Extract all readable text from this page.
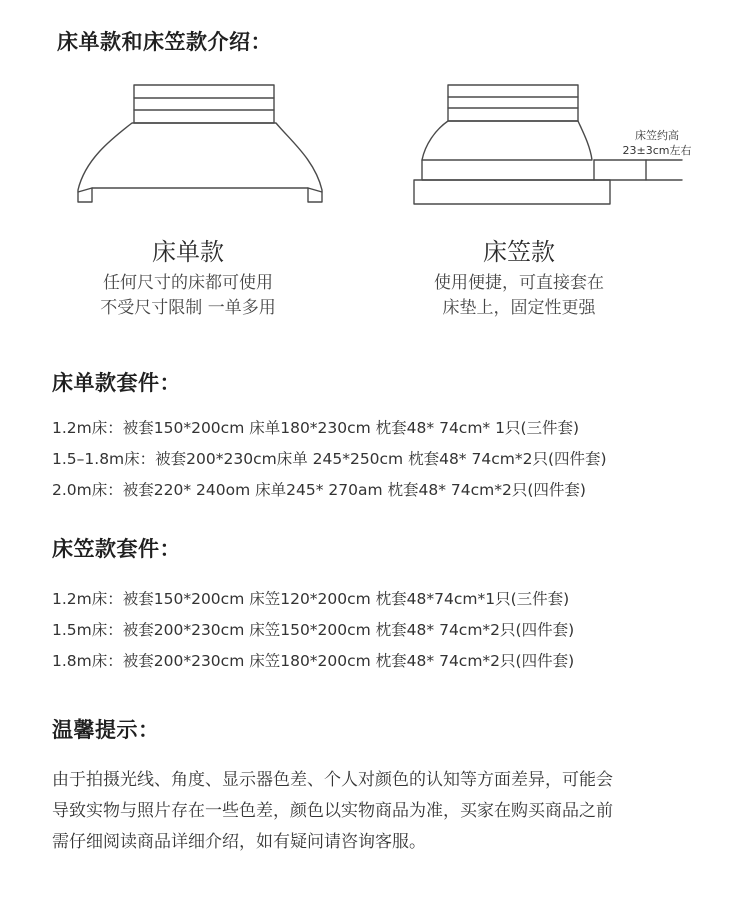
床单款和床笠款介绍：
床笠约高
23±3cm左右
床单款
任何尺寸的床都可使用
不受尺寸限制 一单多用
床笠款
使用便捷，可直接套在
床垫上，固定性更强
床单款套件：
1.2m床：被套150*200cm 床单180*230cm 枕套48* 74cm* 1只(三件套)
1.5–1.8m床：被套200*230cm床单 245*250cm 枕套48* 74cm*2只(四件套)
2.0m床：被套220* 240om 床单245* 270am 枕套48* 74cm*2只(四件套)
床笠款套件：
1.2m床：被套150*200cm 床笠120*200cm 枕套48*74cm*1只(三件套)
1.5m床：被套200*230cm 床笠150*200cm 枕套48* 74cm*2只(四件套)
1.8m床：被套200*230cm 床笠180*200cm 枕套48* 74cm*2只(四件套)
温馨提示：
由于拍摄光线、角度、显示器色差、个人对颜色的认知等方面差异，可能会
导致实物与照片存在一些色差，颜色以实物商品为准，买家在购买商品之前
需仔细阅读商品详细介绍，如有疑问请咨询客服。
